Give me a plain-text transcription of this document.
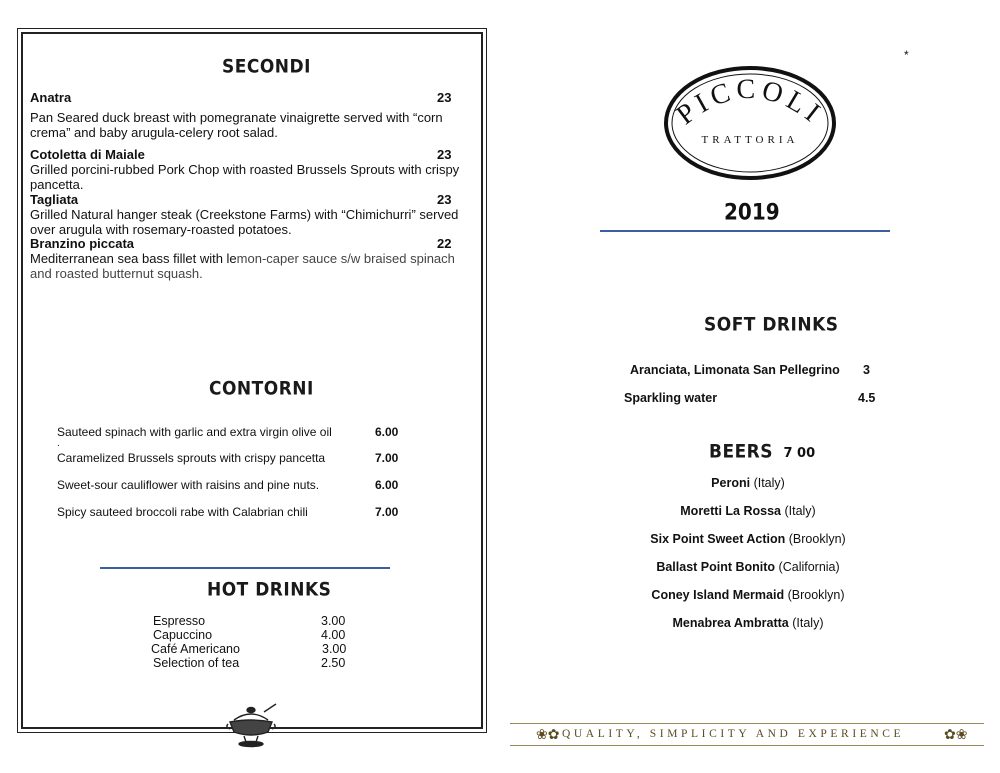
SECONDI
Anatra	23
Pan Seared duck breast with pomegranate vinaigrette served with “corn crema” and baby arugula-celery root salad.
Cotoletta di Maiale	23
Grilled porcini-rubbed Pork Chop with roasted Brussels Sprouts with crispy pancetta.
Tagliata	23
Grilled Natural hanger steak (Creekstone Farms) with “Chimichurri” served over arugula with rosemary-roasted potatoes.
Branzino piccata	22
Mediterranean sea bass fillet with lemon-caper sauce s/w braised spinach and roasted butternut squash.
CONTORNI
Sauteed spinach with garlic and extra virgin olive oil	6.00
.
Caramelized Brussels sprouts with crispy pancetta	7.00
Sweet-sour cauliflower with raisins and pine nuts.	6.00
Spicy sauteed broccoli rabe with Calabrian chili	7.00
HOT DRINKS
Espresso	3.00
Capuccino	4.00
Café Americano	3.00
Selection of tea	2.50
*
PICCOLI
TRATTORIA
2019
SOFT DRINKS
Aranciata, Limonata San Pellegrino 3
Sparkling water	4.5
BEERS 7 00
Peroni (Italy)
Moretti La Rossa (Italy)
Six Point Sweet Action (Brooklyn)
Ballast Point Bonito (California)
Coney Island Mermaid (Brooklyn)
Menabrea Ambratta (Italy)
❀✿ QUALITY, SIMPLICITY AND EXPERIENCE	✿❀
